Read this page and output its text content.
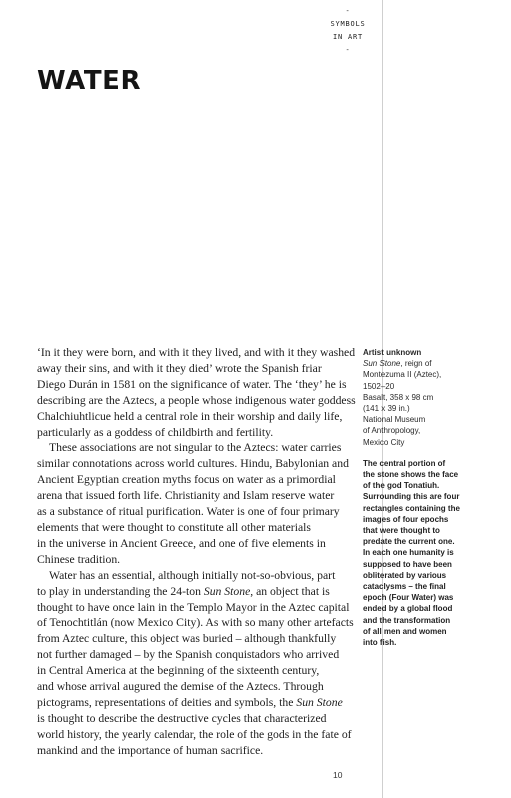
-
SYMBOLS
IN ART
-
WATER
‘In it they were born, and with it they lived, and with it they washed
away their sins, and with it they died’ wrote the Spanish friar
Diego Durán in 1581 on the significance of water. The ‘they’ he is
describing are the Aztecs, a people whose indigenous water goddess
Chalchiuhtlicue held a central role in their worship and daily life,
particularly as a goddess of childbirth and fertility.
These associations are not singular to the Aztecs: water carries
similar connotations across world cultures. Hindu, Babylonian and
Ancient Egyptian creation myths focus on water as a primordial
arena that issued forth life. Christianity and Islam reserve water
as a substance of ritual purification. Water is one of four primary
elements that were thought to constitute all other materials
in the universe in Ancient Greece, and one of five elements in
Chinese tradition.
Water has an essential, although initially not-so-obvious, part
to play in understanding the 24-ton Sun Stone, an object that is
thought to have once lain in the Templo Mayor in the Aztec capital
of Tenochtitlán (now Mexico City). As with so many other artefacts
from Aztec culture, this object was buried – although thankfully
not further damaged – by the Spanish conquistadors who arrived
in Central America at the beginning of the sixteenth century,
and whose arrival augured the demise of the Aztecs. Through
pictograms, representations of deities and symbols, the Sun Stone
is thought to describe the destructive cycles that characterized
world history, the yearly calendar, the role of the gods in the fate of
mankind and the importance of human sacrifice.
Artist unknown
Sun Stone, reign of
Montezuma II (Aztec),
1502–20
Basalt, 358 x 98 cm
(141 x 39 in.)
National Museum
of Anthropology,
Mexico City
The central portion of
the stone shows the face
of the god Tonatiuh.
Surrounding this are four
rectangles containing the
images of four epochs
that were thought to
predate the current one.
In each one humanity is
supposed to have been
obliterated by various
cataclysms – the final
epoch (Four Water) was
ended by a global flood
and the transformation
of all men and women
into fish.
10
